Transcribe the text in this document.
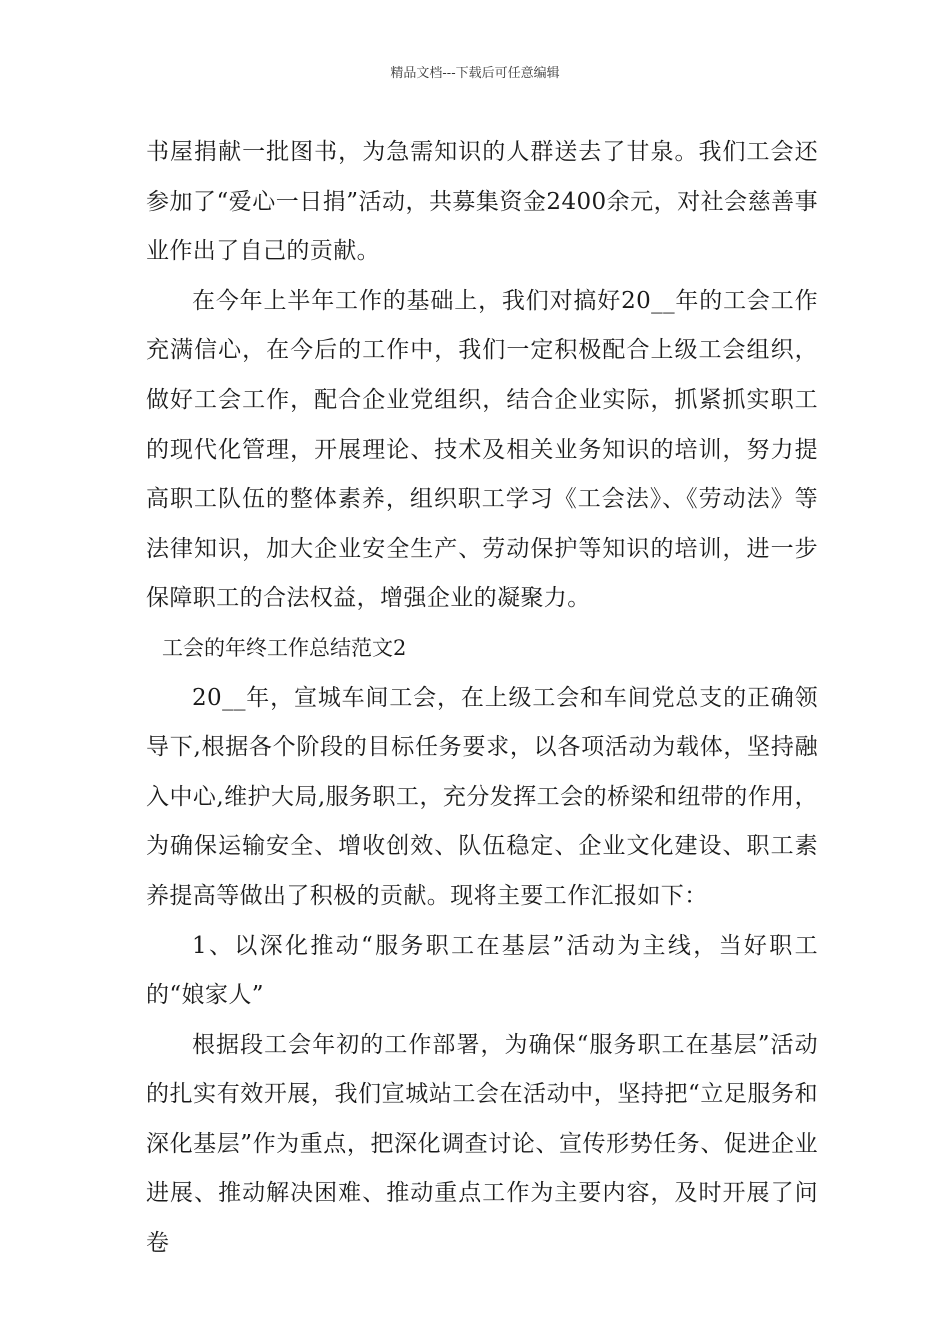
精品文档---下载后可任意编辑

书屋捐献一批图书，为急需知识的人群送去了甘泉。我们工会还参加了“爱心一日捐”活动，共募集资金2400余元，对社会慈善事业作出了自己的贡献。

在今年上半年工作的基础上，我们对搞好20__年的工会工作充满信心，在今后的工作中，我们一定积极配合上级工会组织，做好工会工作，配合企业党组织，结合企业实际，抓紧抓实职工的现代化管理，开展理论、技术及相关业务知识的培训，努力提高职工队伍的整体素养，组织职工学习《工会法》、《劳动法》等法律知识，加大企业安全生产、劳动保护等知识的培训，进一步保障职工的合法权益，增强企业的凝聚力。

工会的年终工作总结范文2

20__年，宣城车间工会，在上级工会和车间党总支的正确领导下,根据各个阶段的目标任务要求，以各项活动为载体，坚持融入中心,维护大局,服务职工，充分发挥工会的桥梁和纽带的作用，为确保运输安全、增收创效、队伍稳定、企业文化建设、职工素养提高等做出了积极的贡献。现将主要工作汇报如下：

1、以深化推动“服务职工在基层”活动为主线，当好职工的“娘家人”

根据段工会年初的工作部署，为确保“服务职工在基层”活动的扎实有效开展，我们宣城站工会在活动中，坚持把“立足服务和深化基层”作为重点，把深化调查讨论、宣传形势任务、促进企业进展、推动解决困难、推动重点工作为主要内容，及时开展了问卷
